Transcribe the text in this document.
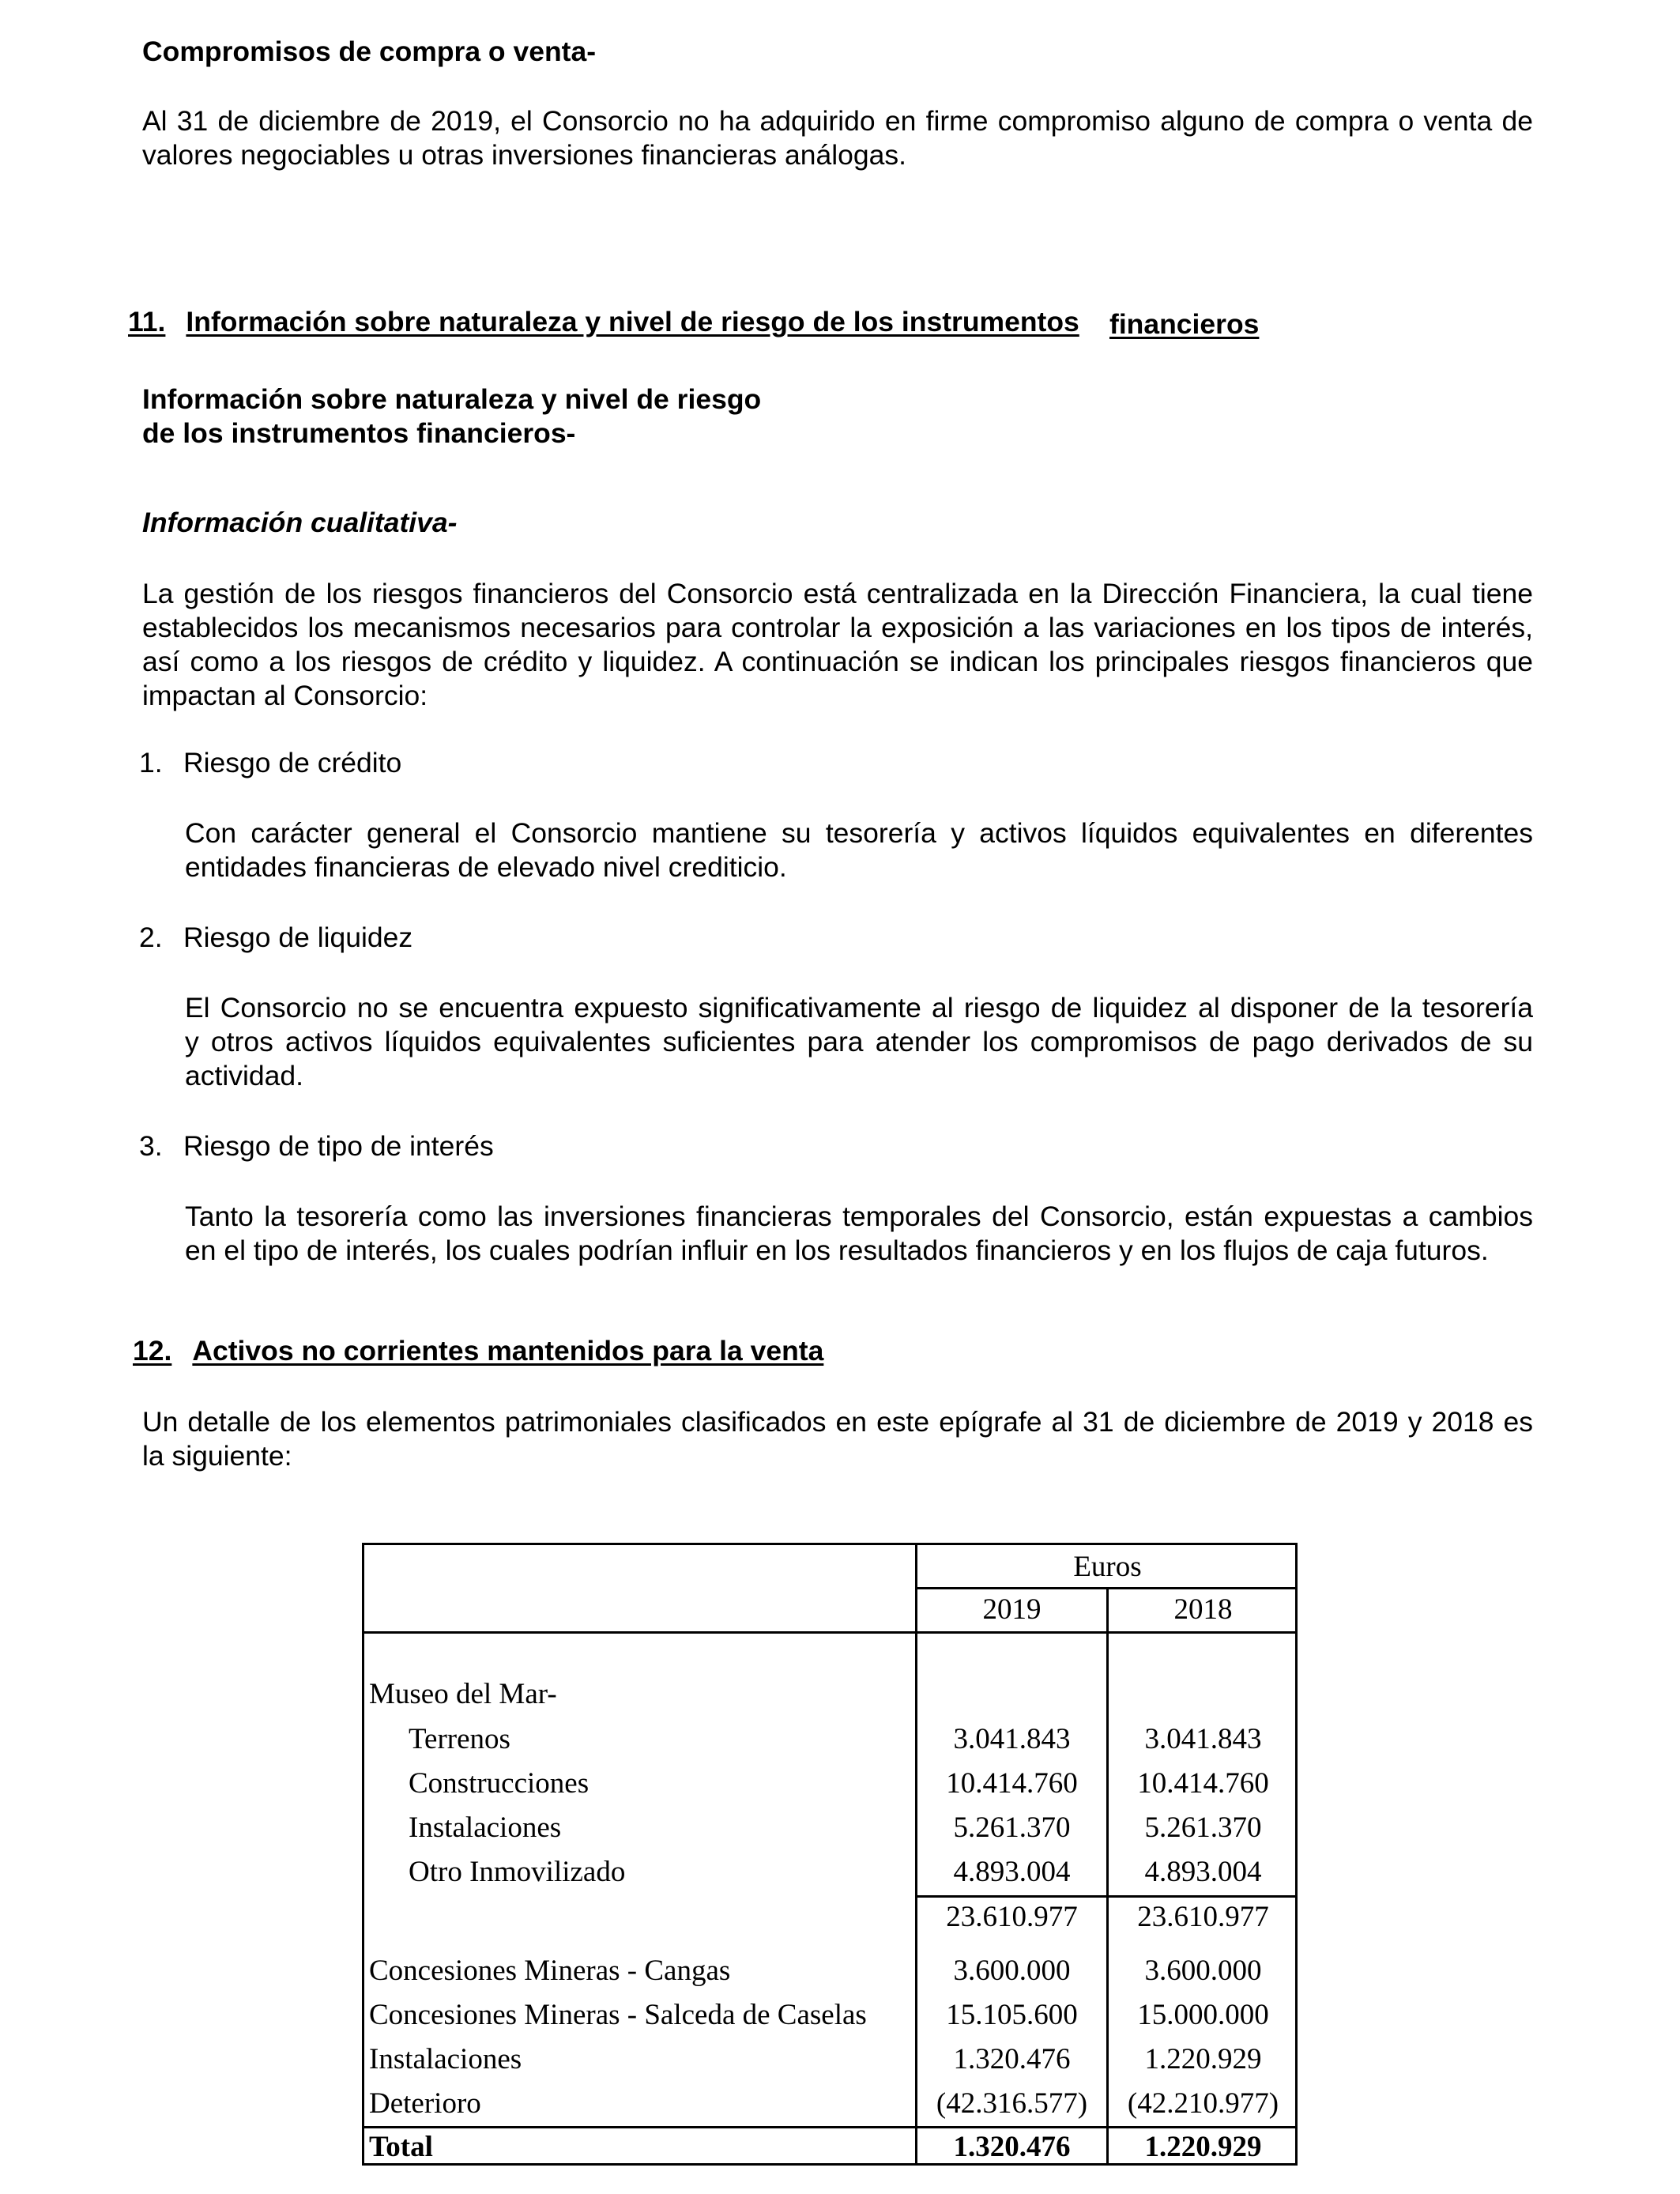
Compromisos de compra o venta-
Al 31 de diciembre de 2019, el Consorcio no ha adquirido en firme compromiso alguno de compra o venta de
valores negociables u otras inversiones financieras análogas.
11. Información sobre naturaleza y nivel de riesgo de los instrumentos financieros
Información sobre naturaleza y nivel de riesgo
de los instrumentos financieros-
Información cualitativa-
La gestión de los riesgos financieros del Consorcio está centralizada en la Dirección Financiera, la cual tiene
establecidos los mecanismos necesarios para controlar la exposición a las variaciones en los tipos de interés,
así como a los riesgos de crédito y liquidez. A continuación se indican los principales riesgos financieros que
impactan al Consorcio:
1. Riesgo de crédito
Con carácter general el Consorcio mantiene su tesorería y activos líquidos equivalentes en diferentes
entidades financieras de elevado nivel crediticio.
2. Riesgo de liquidez
El Consorcio no se encuentra expuesto significativamente al riesgo de liquidez al disponer de la tesorería
y otros activos líquidos equivalentes suficientes para atender los compromisos de pago derivados de su
actividad.
3. Riesgo de tipo de interés
Tanto la tesorería como las inversiones financieras temporales del Consorcio, están expuestas a cambios
en el tipo de interés, los cuales podrían influir en los resultados financieros y en los flujos de caja futuros.
12. Activos no corrientes mantenidos para la venta
Un detalle de los elementos patrimoniales clasificados en este epígrafe al 31 de diciembre de 2019 y 2018 es
la siguiente:
Euros
2019	2018
Museo del Mar-
Terrenos	3.041.843	3.041.843
Construcciones	10.414.760	10.414.760
Instalaciones	5.261.370	5.261.370
Otro Inmovilizado	4.893.004	4.893.004
23.610.977	23.610.977
Concesiones Mineras - Cangas	3.600.000	3.600.000
Concesiones Mineras - Salceda de Caselas	15.105.600	15.000.000
Instalaciones	1.320.476	1.220.929
Deterioro	(42.316.577)	(42.210.977)
Total	1.320.476	1.220.929
